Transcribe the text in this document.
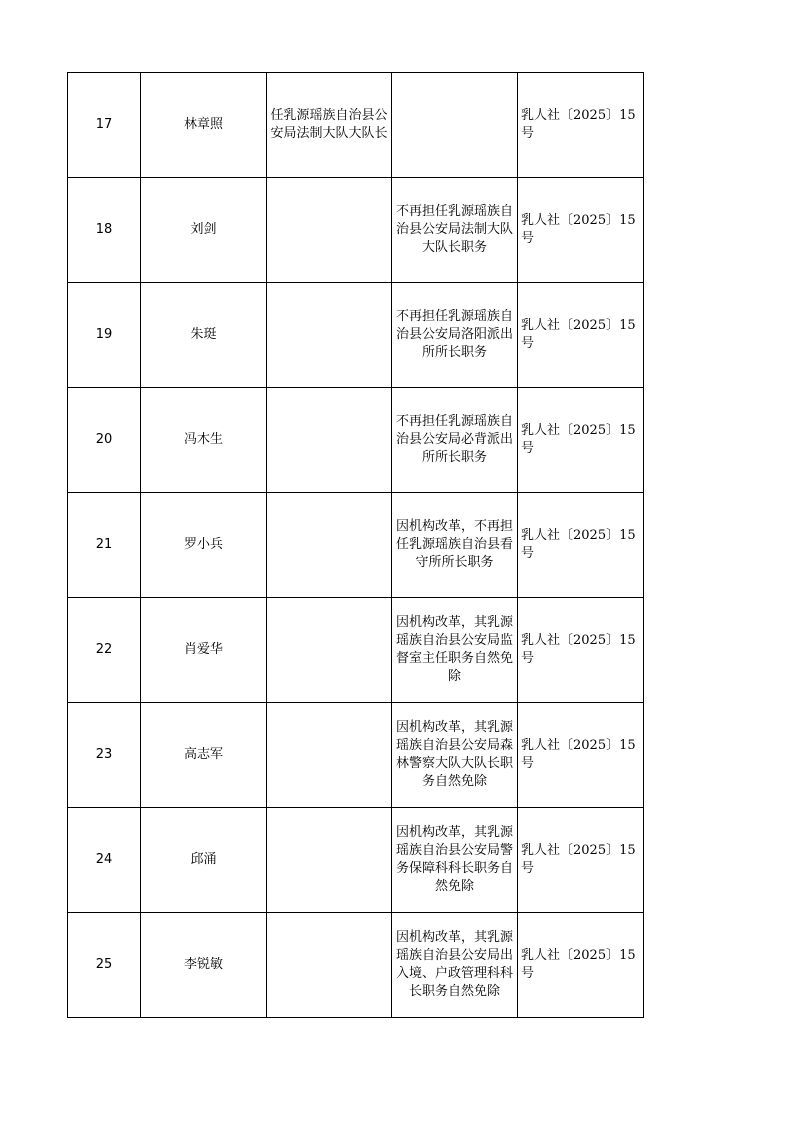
17	林章照	任乳源瑶族自治县公安局法制大队大队长		乳人社〔2025〕15号
18	刘剑		不再担任乳源瑶族自治县公安局法制大队大队长职务	乳人社〔2025〕15号
19	朱珽		不再担任乳源瑶族自治县公安局洛阳派出所所长职务	乳人社〔2025〕15号
20	冯木生		不再担任乳源瑶族自治县公安局必背派出所所长职务	乳人社〔2025〕15号
21	罗小兵		因机构改革，不再担任乳源瑶族自治县看守所所长职务	乳人社〔2025〕15号
22	肖爱华		因机构改革，其乳源瑶族自治县公安局监督室主任职务自然免除	乳人社〔2025〕15号
23	高志军		因机构改革，其乳源瑶族自治县公安局森林警察大队大队长职务自然免除	乳人社〔2025〕15号
24	邱涌		因机构改革，其乳源瑶族自治县公安局警务保障科科长职务自然免除	乳人社〔2025〕15号
25	李锐敏		因机构改革，其乳源瑶族自治县公安局出入境、户政管理科科长职务自然免除	乳人社〔2025〕15号
